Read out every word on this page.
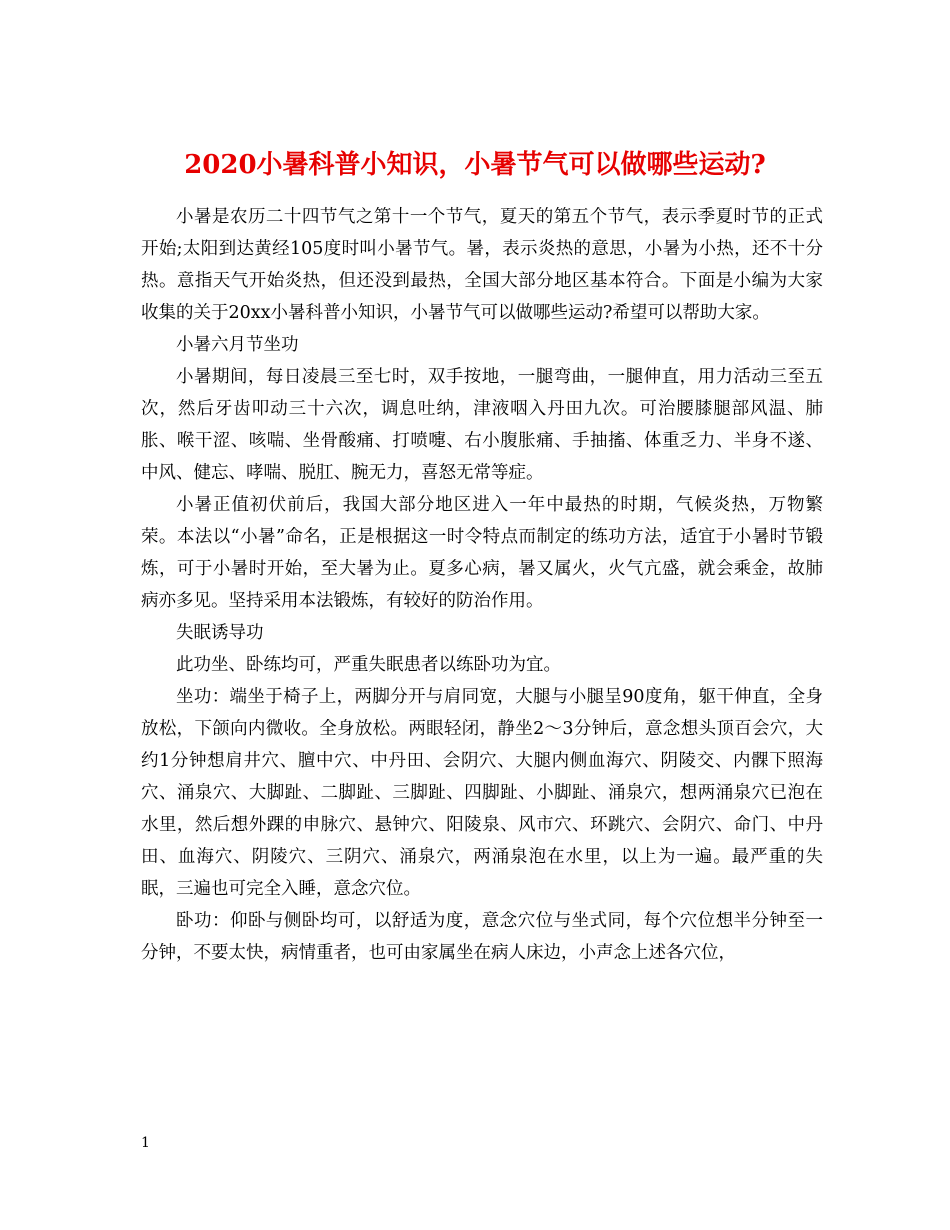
2020小暑科普小知识，小暑节气可以做哪些运动?

小暑是农历二十四节气之第十一个节气，夏天的第五个节气，表示季夏时节的正式开始;太阳到达黄经105度时叫小暑节气。暑，表示炎热的意思，小暑为小热，还不十分热。意指天气开始炎热，但还没到最热，全国大部分地区基本符合。下面是小编为大家收集的关于20xx小暑科普小知识，小暑节气可以做哪些运动?希望可以帮助大家。

小暑六月节坐功

小暑期间，每日凌晨三至七时，双手按地，一腿弯曲，一腿伸直，用力活动三至五次，然后牙齿叩动三十六次，调息吐纳，津液咽入丹田九次。可治腰膝腿部风温、肺胀、喉干涩、咳喘、坐骨酸痛、打喷嚏、右小腹胀痛、手抽搐、体重乏力、半身不遂、中风、健忘、哮喘、脱肛、腕无力，喜怒无常等症。

小暑正值初伏前后，我国大部分地区进入一年中最热的时期，气候炎热，万物繁荣。本法以“小暑”命名，正是根据这一时令特点而制定的练功方法，适宜于小暑时节锻炼，可于小暑时开始，至大暑为止。夏多心病，暑又属火，火气亢盛，就会乘金，故肺病亦多见。坚持采用本法锻炼，有较好的防治作用。

失眠诱导功

此功坐、卧练均可，严重失眠患者以练卧功为宜。

坐功：端坐于椅子上，两脚分开与肩同宽，大腿与小腿呈90度角，躯干伸直，全身放松，下颌向内微收。全身放松。两眼轻闭，静坐2～3分钟后，意念想头顶百会穴，大约1分钟想肩井穴、膻中穴、中丹田、会阴穴、大腿内侧血海穴、阴陵交、内髁下照海穴、涌泉穴、大脚趾、二脚趾、三脚趾、四脚趾、小脚趾、涌泉穴，想两涌泉穴已泡在水里，然后想外踝的申脉穴、悬钟穴、阳陵泉、风市穴、环跳穴、会阴穴、命门、中丹田、血海穴、阴陵穴、三阴穴、涌泉穴，两涌泉泡在水里，以上为一遍。最严重的失眠，三遍也可完全入睡，意念穴位。

卧功：仰卧与侧卧均可，以舒适为度，意念穴位与坐式同，每个穴位想半分钟至一分钟，不要太快，病情重者，也可由家属坐在病人床边，小声念上述各穴位，

1
